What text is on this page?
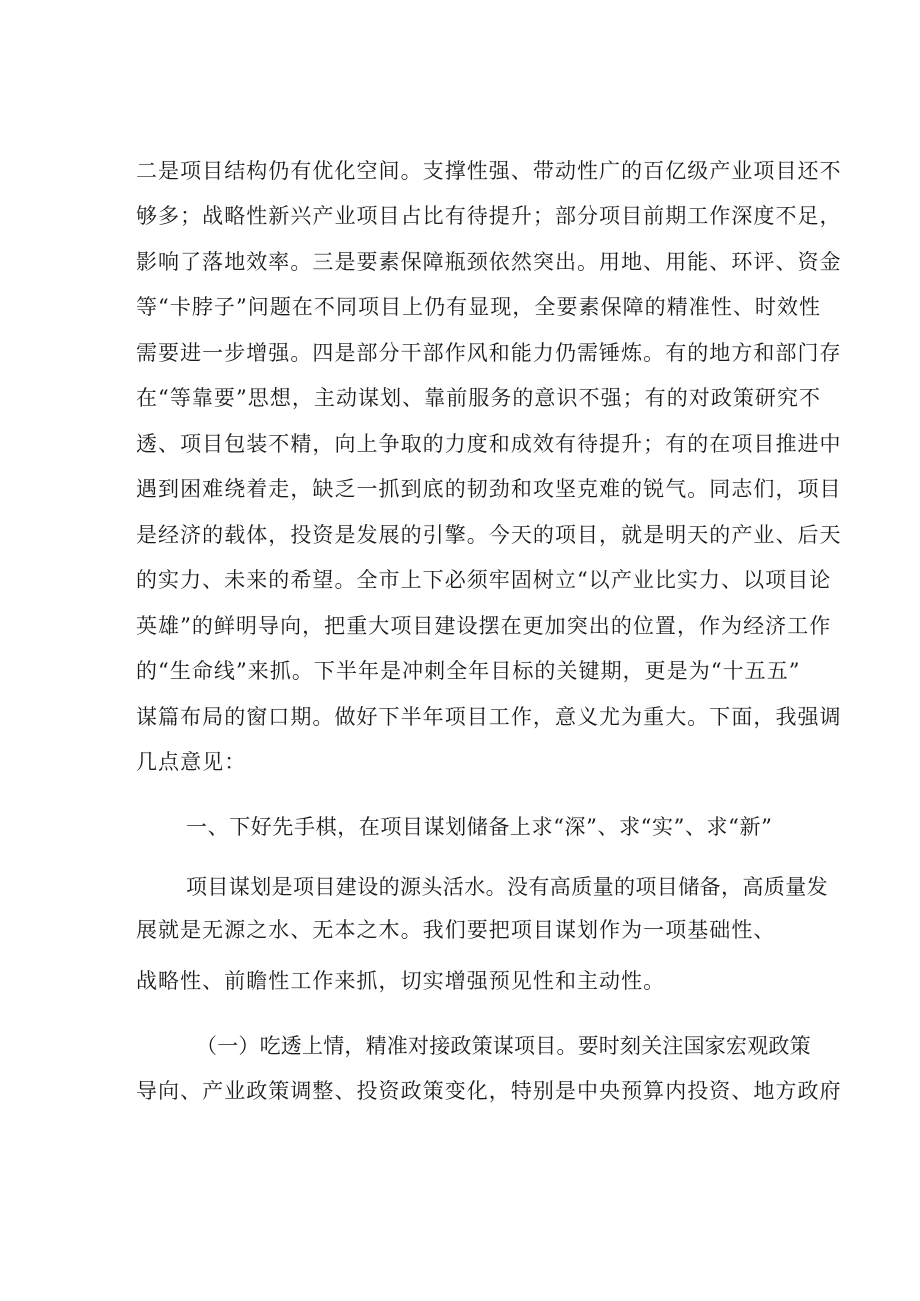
二是项目结构仍有优化空间。支撑性强、带动性广的百亿级产业项目还不
够多；战略性新兴产业项目占比有待提升；部分项目前期工作深度不足，
影响了落地效率。三是要素保障瓶颈依然突出。用地、用能、环评、资金
等“卡脖子”问题在不同项目上仍有显现，全要素保障的精准性、时效性
需要进一步增强。四是部分干部作风和能力仍需锤炼。有的地方和部门存
在“等靠要”思想，主动谋划、靠前服务的意识不强；有的对政策研究不
透、项目包装不精，向上争取的力度和成效有待提升；有的在项目推进中
遇到困难绕着走，缺乏一抓到底的韧劲和攻坚克难的锐气。同志们，项目
是经济的载体，投资是发展的引擎。今天的项目，就是明天的产业、后天
的实力、未来的希望。全市上下必须牢固树立“以产业比实力、以项目论
英雄”的鲜明导向，把重大项目建设摆在更加突出的位置，作为经济工作
的“生命线”来抓。下半年是冲刺全年目标的关键期，更是为“十五五”
谋篇布局的窗口期。做好下半年项目工作，意义尤为重大。下面，我强调
几点意见：
一、下好先手棋，在项目谋划储备上求“深”、求“实”、求“新”
项目谋划是项目建设的源头活水。没有高质量的项目储备，高质量发
展就是无源之水、无本之木。我们要把项目谋划作为一项基础性、
战略性、前瞻性工作来抓，切实增强预见性和主动性。
（一）吃透上情，精准对接政策谋项目。要时刻关注国家宏观政策
导向、产业政策调整、投资政策变化，特别是中央预算内投资、地方政府
